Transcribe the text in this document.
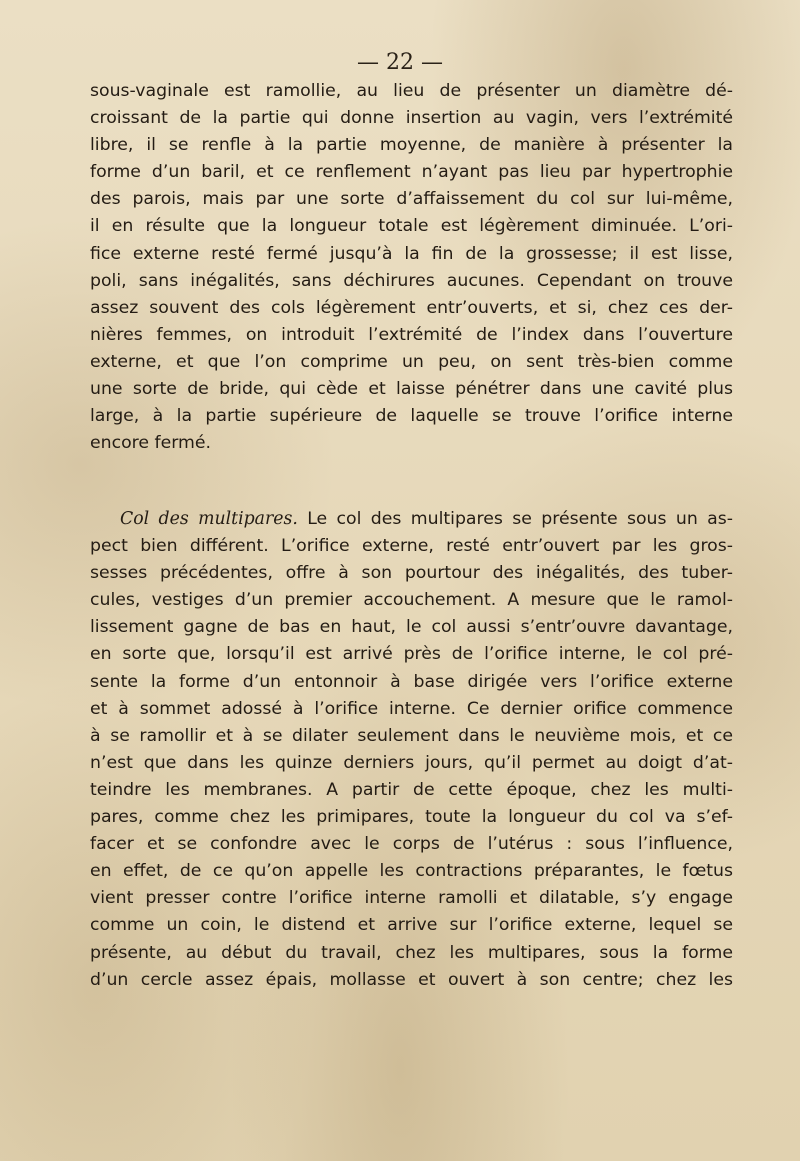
— 22 —
sous-vaginale est ramollie, au lieu de présenter un diamètre dé-
croissant de la partie qui donne insertion au vagin, vers l’extrémité
libre, il se renfle à la partie moyenne, de manière à présenter la
forme d’un baril, et ce renflement n’ayant pas lieu par hypertrophie
des parois, mais par une sorte d’affaissement du col sur lui-même,
il en résulte que la longueur totale est légèrement diminuée. L’ori-
fice externe resté fermé jusqu’à la fin de la grossesse; il est lisse,
poli, sans inégalités, sans déchirures aucunes. Cependant on trouve
assez souvent des cols légèrement entr’ouverts, et si, chez ces der-
nières femmes, on introduit l’extrémité de l’index dans l’ouverture
externe, et que l’on comprime un peu, on sent très-bien comme
une sorte de bride, qui cède et laisse pénétrer dans une cavité plus
large, à la partie supérieure de laquelle se trouve l’orifice interne
encore fermé.
Col des multipares. Le col des multipares se présente sous un as-
pect bien différent. L’orifice externe, resté entr’ouvert par les gros-
sesses précédentes, offre à son pourtour des inégalités, des tuber-
cules, vestiges d’un premier accouchement. A mesure que le ramol-
lissement gagne de bas en haut, le col aussi s’entr’ouvre davantage,
en sorte que, lorsqu’il est arrivé près de l’orifice interne, le col pré-
sente la forme d’un entonnoir à base dirigée vers l’orifice externe
et à sommet adossé à l’orifice interne. Ce dernier orifice commence
à se ramollir et à se dilater seulement dans le neuvième mois, et ce
n’est que dans les quinze derniers jours, qu’il permet au doigt d’at-
teindre les membranes. A partir de cette époque, chez les multi-
pares, comme chez les primipares, toute la longueur du col va s’ef-
facer et se confondre avec le corps de l’utérus : sous l’influence,
en effet, de ce qu’on appelle les contractions préparantes, le fœtus
vient presser contre l’orifice interne ramolli et dilatable, s’y engage
comme un coin, le distend et arrive sur l’orifice externe, lequel se
présente, au début du travail, chez les multipares, sous la forme
d’un cercle assez épais, mollasse et ouvert à son centre; chez les
